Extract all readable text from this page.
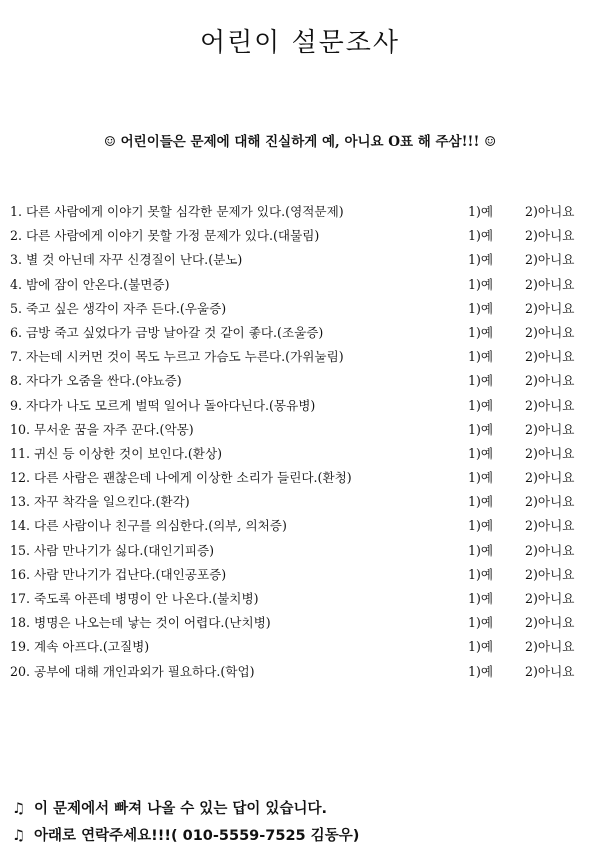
어린이 설문조사
☺ 어린이들은 문제에 대해 진실하게 예, 아니요 O표 해 주삼!!! ☺
1. 다른 사람에게 이야기 못할 심각한 문제가 있다.(영적문제)	1)예	2)아니요
2. 다른 사람에게 이야기 못할 가정 문제가 있다.(대물림)	1)예	2)아니요
3. 별 것 아닌데 자꾸 신경질이 난다.(분노)	1)예	2)아니요
4. 밤에 잠이 안온다.(불면증)	1)예	2)아니요
5. 죽고 싶은 생각이 자주 든다.(우울증)	1)예	2)아니요
6. 금방 죽고 싶었다가 금방 날아갈 것 같이 좋다.(조울증)	1)예	2)아니요
7. 자는데 시커먼 것이 목도 누르고 가슴도 누른다.(가위눌림)	1)예	2)아니요
8. 자다가 오줌을 싼다.(야뇨증)	1)예	2)아니요
9. 자다가 나도 모르게 벌떡 일어나 돌아다닌다.(몽유병)	1)예	2)아니요
10. 무서운 꿈을 자주 꾼다.(악몽)	1)예	2)아니요
11. 귀신 등 이상한 것이 보인다.(환상)	1)예	2)아니요
12. 다른 사람은 괜찮은데 나에게 이상한 소리가 들린다.(환청)	1)예	2)아니요
13. 자꾸 착각을 일으킨다.(환각)	1)예	2)아니요
14. 다른 사람이나 친구를 의심한다.(의부, 의처증)	1)예	2)아니요
15. 사람 만나기가 싫다.(대인기피증)	1)예	2)아니요
16. 사람 만나기가 겁난다.(대인공포증)	1)예	2)아니요
17. 죽도록 아픈데 병명이 안 나온다.(불치병)	1)예	2)아니요
18. 병명은 나오는데 낳는 것이 어렵다.(난치병)	1)예	2)아니요
19. 계속 아프다.(고질병)	1)예	2)아니요
20. 공부에 대해 개인과외가 필요하다.(학업)	1)예	2)아니요
♫ 이 문제에서 빠져 나올 수 있는 답이 있습니다.
♫ 아래로 연락주세요!!!( 010-5559-7525 김동우)
